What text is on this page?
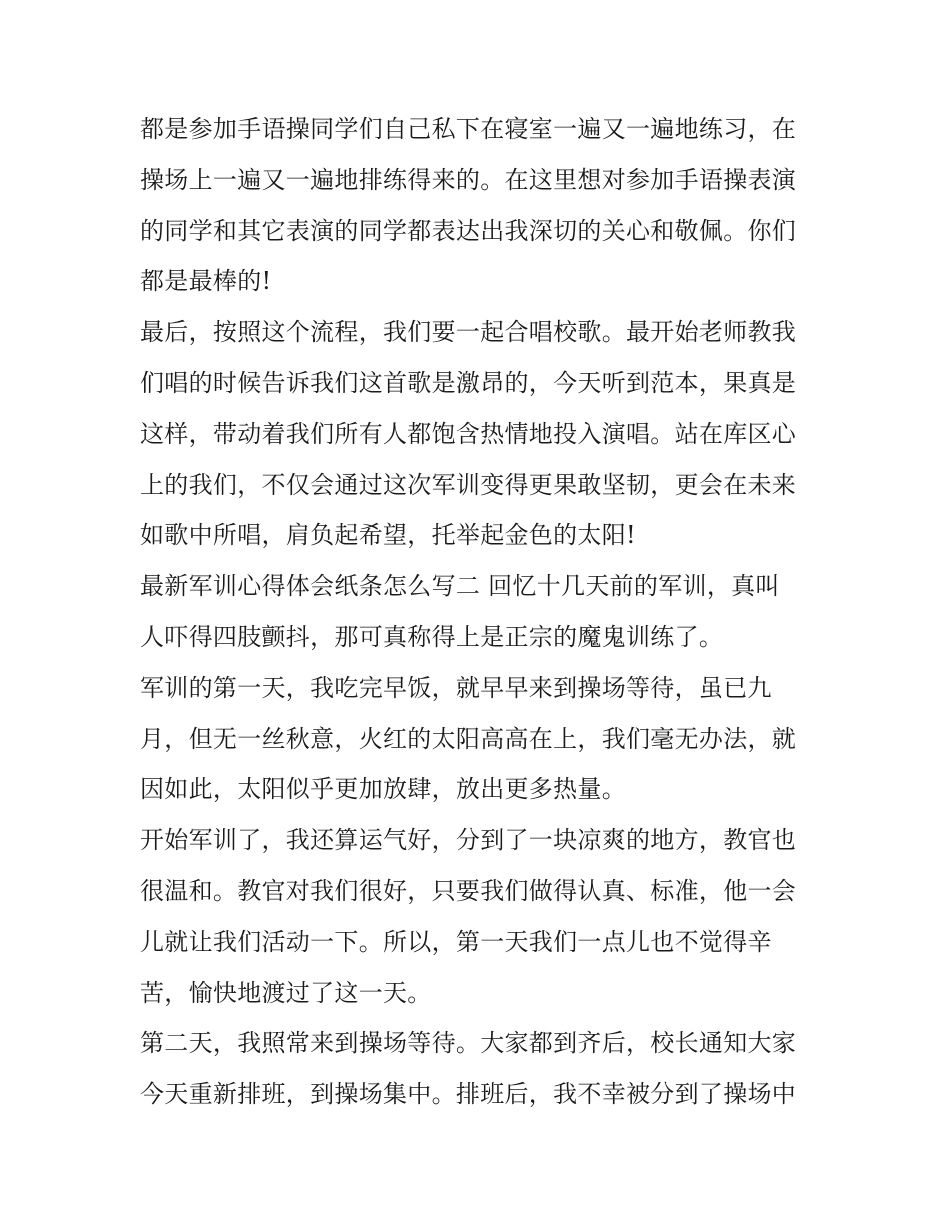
都是参加手语操同学们自己私下在寝室一遍又一遍地练习，在
操场上一遍又一遍地排练得来的。在这里想对参加手语操表演
的同学和其它表演的同学都表达出我深切的关心和敬佩。你们
都是最棒的!
最后，按照这个流程，我们要一起合唱校歌。最开始老师教我
们唱的时候告诉我们这首歌是激昂的，今天听到范本，果真是
这样，带动着我们所有人都饱含热情地投入演唱。站在库区心
上的我们，不仅会通过这次军训变得更果敢坚韧，更会在未来
如歌中所唱，肩负起希望，托举起金色的太阳!
最新军训心得体会纸条怎么写二 回忆十几天前的军训，真叫
人吓得四肢颤抖，那可真称得上是正宗的魔鬼训练了。
军训的第一天，我吃完早饭，就早早来到操场等待，虽已九
月，但无一丝秋意，火红的太阳高高在上，我们毫无办法，就
因如此，太阳似乎更加放肆，放出更多热量。
开始军训了，我还算运气好，分到了一块凉爽的地方，教官也
很温和。教官对我们很好，只要我们做得认真、标准，他一会
儿就让我们活动一下。所以，第一天我们一点儿也不觉得辛
苦，愉快地渡过了这一天。
第二天，我照常来到操场等待。大家都到齐后，校长通知大家
今天重新排班，到操场集中。排班后，我不幸被分到了操场中
